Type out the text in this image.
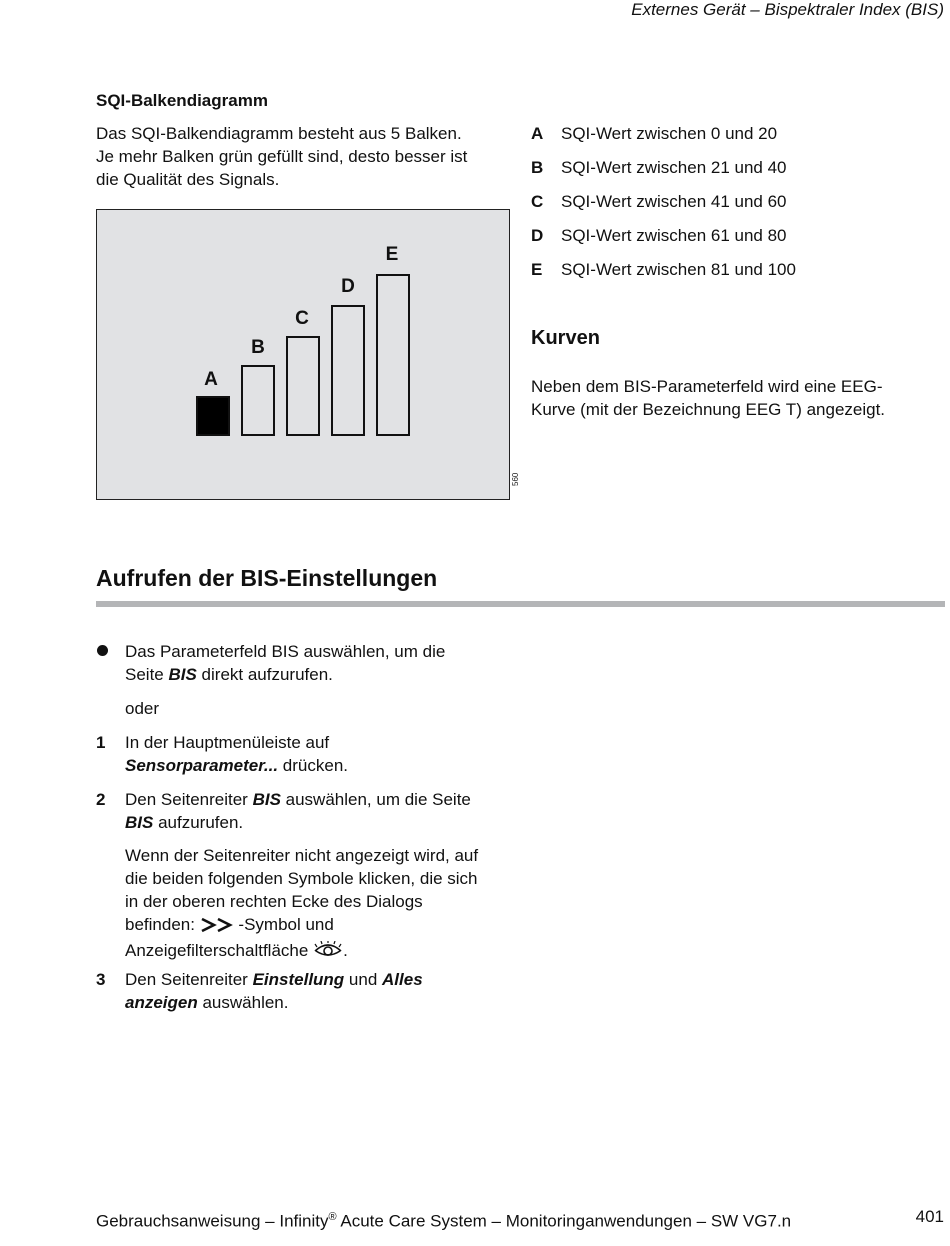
Externes Gerät – Bispektraler Index (BIS)
SQI-Balkendiagramm
Das SQI-Balkendiagramm besteht aus 5 Balken.
Je mehr Balken grün gefüllt sind, desto besser ist
die Qualität des Signals.
A
B
C
D
E
560
A SQI-Wert zwischen 0 und 20
B SQI-Wert zwischen 21 und 40
C SQI-Wert zwischen 41 und 60
D SQI-Wert zwischen 61 und 80
E SQI-Wert zwischen 81 und 100
Kurven
Neben dem BIS-Parameterfeld wird eine EEG-
Kurve (mit der Bezeichnung EEG T) angezeigt.
Aufrufen der BIS-Einstellungen
Das Parameterfeld BIS auswählen, um die
Seite BIS direkt aufzurufen.
oder
1 In der Hauptmenüleiste auf
Sensorparameter... drücken.
2 Den Seitenreiter BIS auswählen, um die Seite
BIS aufzurufen.
Wenn der Seitenreiter nicht angezeigt wird, auf
die beiden folgenden Symbole klicken, die sich
in der oberen rechten Ecke des Dialogs
befinden:  -Symbol und
Anzeigefilterschaltfläche .
3 Den Seitenreiter Einstellung und Alles
anzeigen auswählen.
Gebrauchsanweisung – Infinity® Acute Care System – Monitoringanwendungen – SW VG7.n	401
